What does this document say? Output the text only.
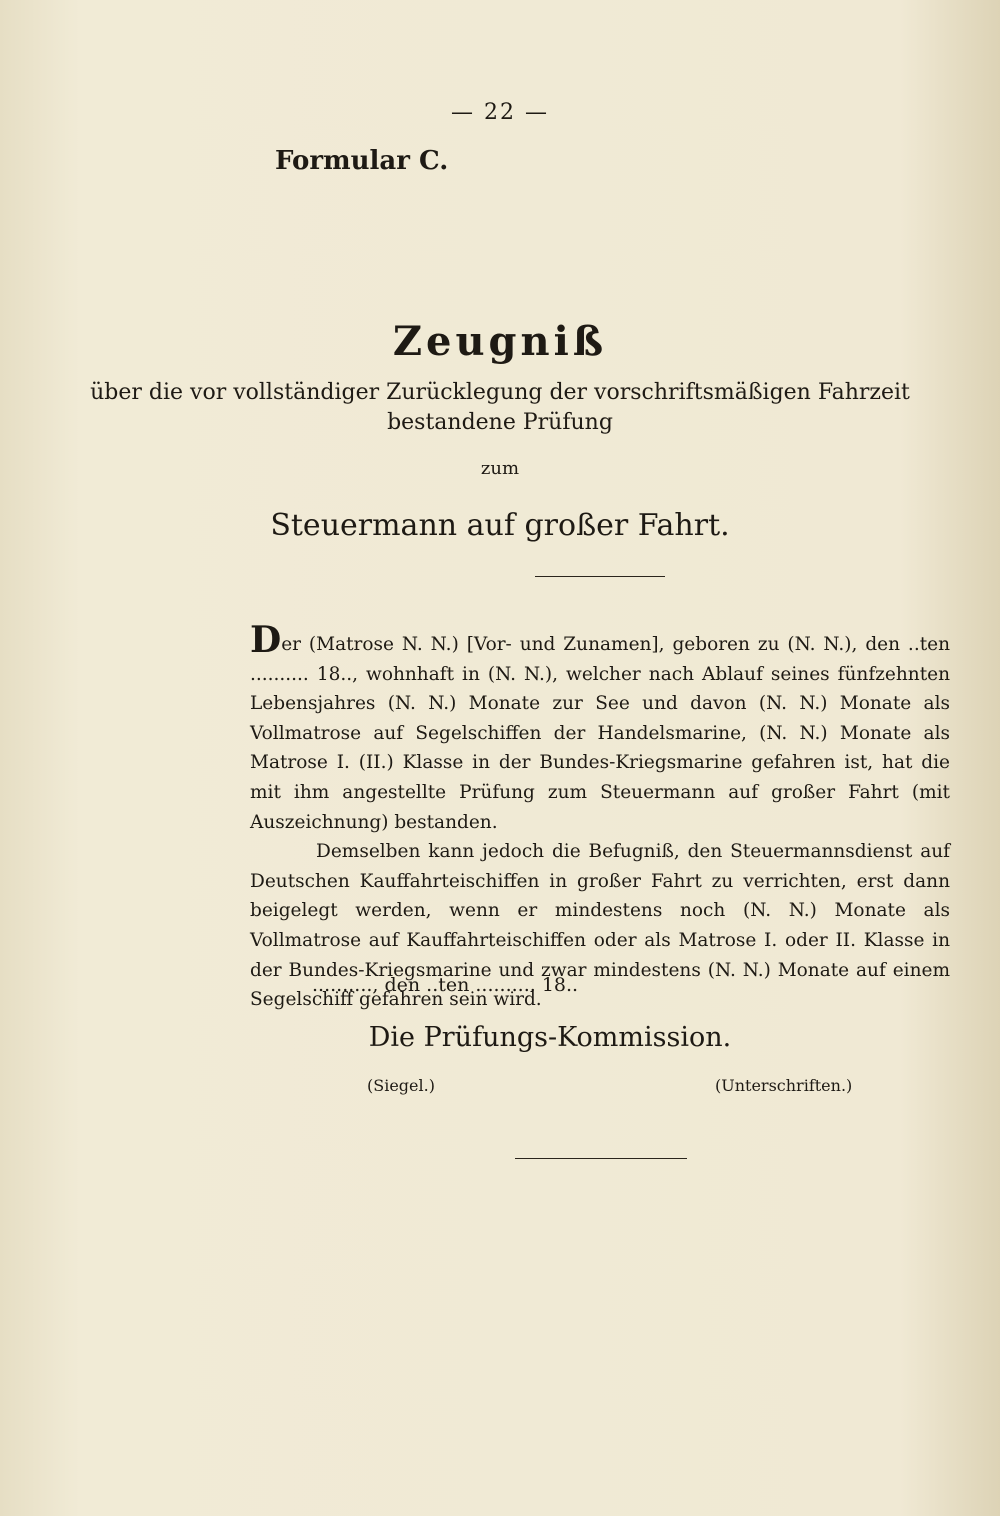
— 22 —
Formular C.
Zeugniß
über die vor vollständiger Zurücklegung der vorschriftsmäßigen Fahrzeit
bestandene Prüfung
zum
Steuermann auf großer Fahrt.

Der (Matrose N. N.) [Vor- und Zunamen], geboren zu (N. N.), den ..ten .......... 18.., wohnhaft in (N. N.), welcher nach Ablauf seines fünfzehnten Lebensjahres (N. N.) Monate zur See und davon (N. N.) Monate als Vollmatrose auf Segelschiffen der Handelsmarine, (N. N.) Monate als Matrose I. (II.) Klasse in der Bundes-Kriegsmarine gefahren ist, hat die mit ihm angestellte Prüfung zum Steuermann auf großer Fahrt (mit Auszeichnung) bestanden.

Demselben kann jedoch die Befugniß, den Steuermannsdienst auf Deutschen Kauffahrteischiffen in großer Fahrt zu verrichten, erst dann beigelegt werden, wenn er mindestens noch (N. N.) Monate als Vollmatrose auf Kauffahrteischiffen oder als Matrose I. oder II. Klasse in der Bundes-Kriegsmarine und zwar mindestens (N. N.) Monate auf einem Segelschiff gefahren sein wird.

.........., den ..ten .......... 18..
Die Prüfungs-Kommission.
(Siegel.)	(Unterschriften.)
